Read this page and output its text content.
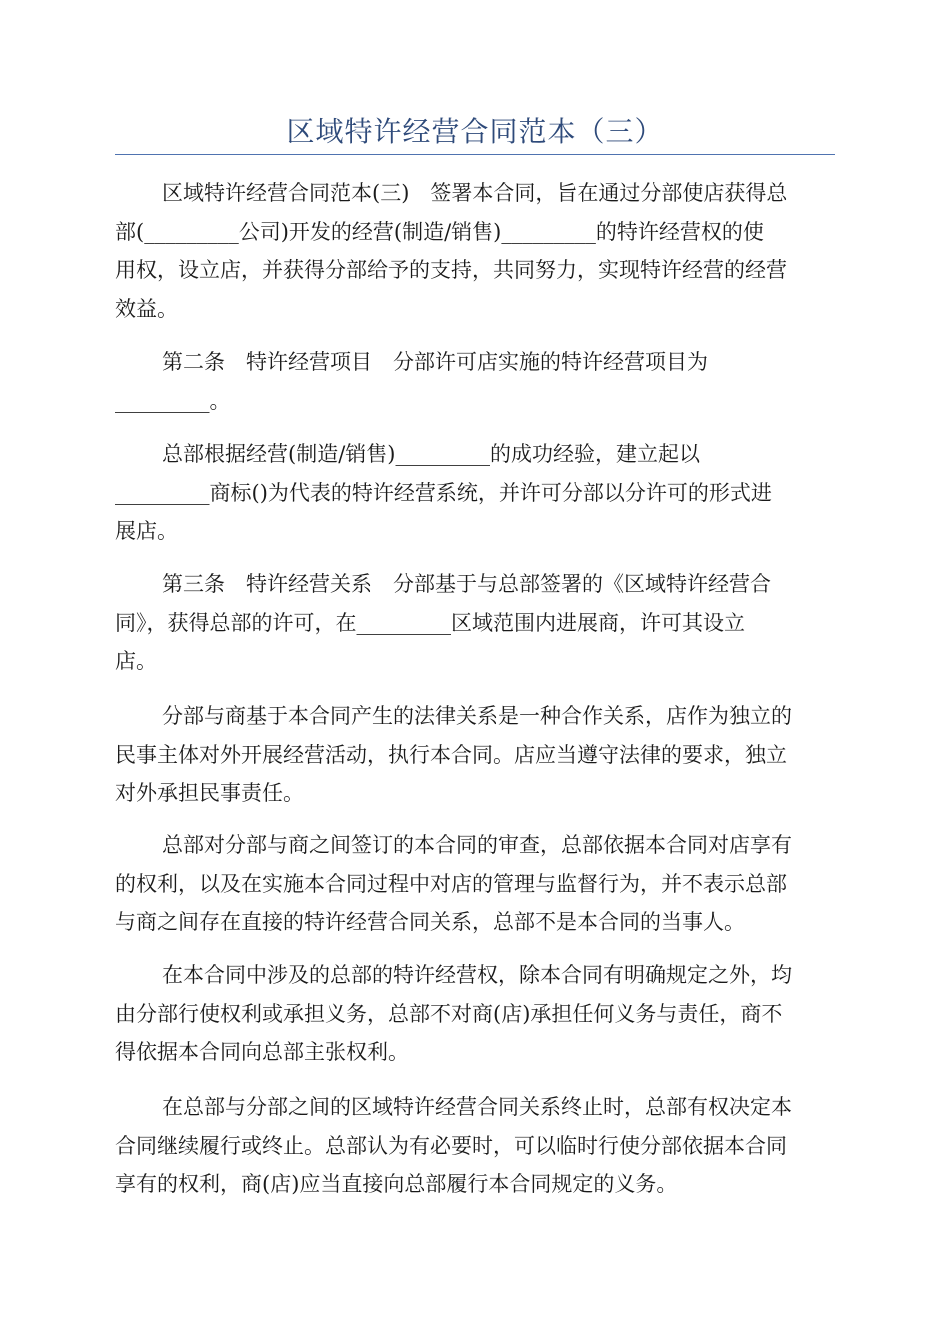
区域特许经营合同范本（三）
区域特许经营合同范本(三)　签署本合同，旨在通过分部使店获得总
部(_________公司)开发的经营(制造/销售)_________的特许经营权的使
用权，设立店，并获得分部给予的支持，共同努力，实现特许经营的经营
效益。
第二条　特许经营项目　分部许可店实施的特许经营项目为
_________。
总部根据经营(制造/销售)_________的成功经验，建立起以
_________商标()为代表的特许经营系统，并许可分部以分许可的形式进
展店。
第三条　特许经营关系　分部基于与总部签署的《区域特许经营合
同》，获得总部的许可，在_________区域范围内进展商，许可其设立
店。
分部与商基于本合同产生的法律关系是一种合作关系，店作为独立的
民事主体对外开展经营活动，执行本合同。店应当遵守法律的要求，独立
对外承担民事责任。
总部对分部与商之间签订的本合同的审查，总部依据本合同对店享有
的权利，以及在实施本合同过程中对店的管理与监督行为，并不表示总部
与商之间存在直接的特许经营合同关系，总部不是本合同的当事人。
在本合同中涉及的总部的特许经营权，除本合同有明确规定之外，均
由分部行使权利或承担义务，总部不对商(店)承担任何义务与责任，商不
得依据本合同向总部主张权利。
在总部与分部之间的区域特许经营合同关系终止时，总部有权决定本
合同继续履行或终止。总部认为有必要时，可以临时行使分部依据本合同
享有的权利，商(店)应当直接向总部履行本合同规定的义务。
